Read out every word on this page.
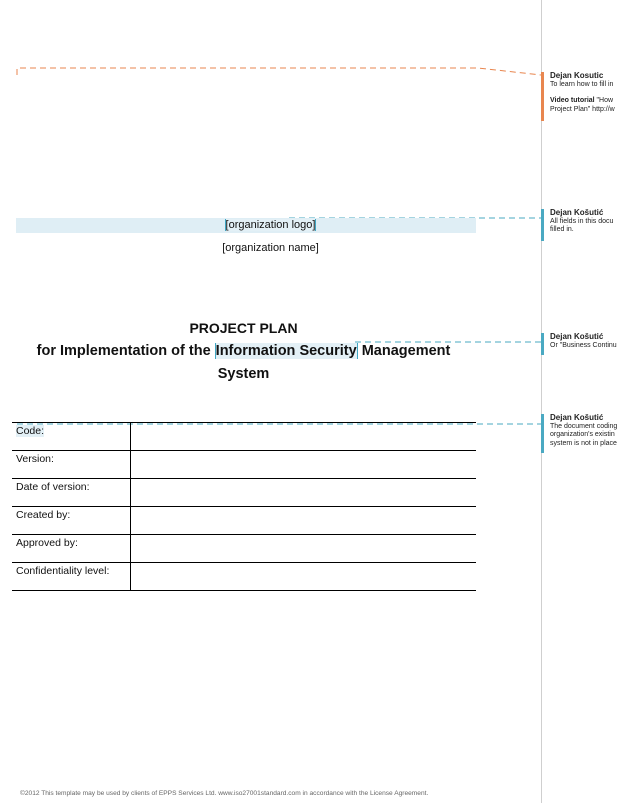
Dejan Kosutic
To learn how to fill in
Video tutorial "How
Project Plan" http://w
Dejan Košutić
All fields in this docu
filled in.
Dejan Košutić
Or "Business Continu
Dejan Košutić
The document coding
organization's existin
system is not in place
[organization logo]
[organization name]
PROJECT PLAN
for Implementation of the Information Security Management
System
Code:	
Version:	
Date of version:	
Created by:	
Approved by:	
Confidentiality level:	
©2012 This template may be used by clients of EPPS Services Ltd. www.iso27001standard.com in accordance with the License Agreement.
